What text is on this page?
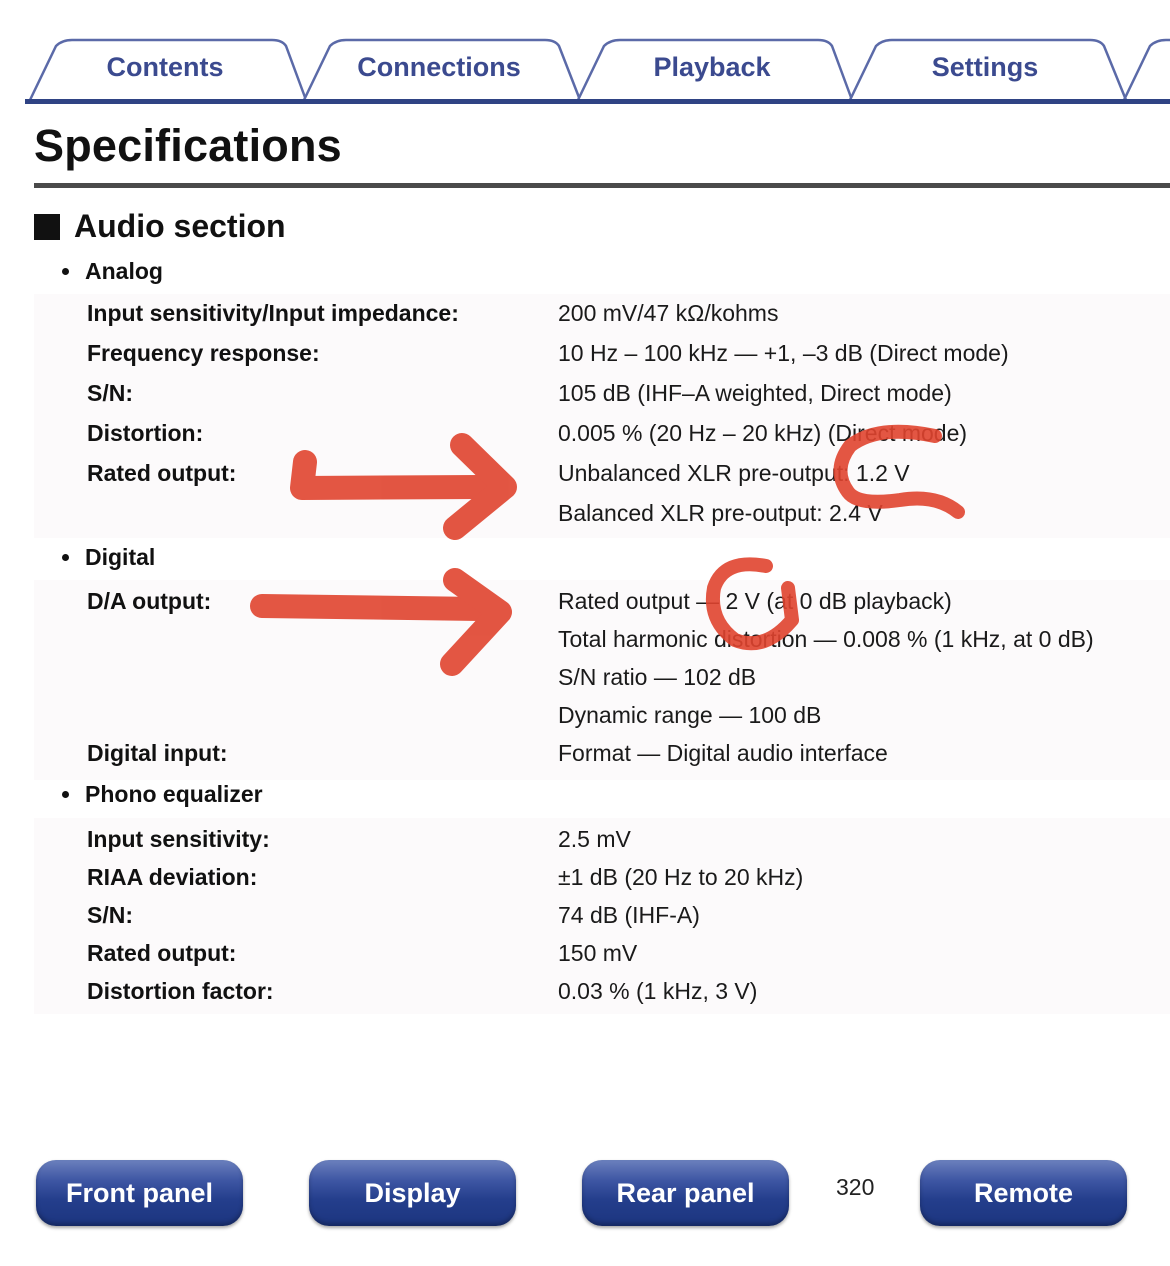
Contents	Connections	Playback	Settings
Specifications
Audio section
Analog
Input sensitivity/Input impedance:	200 mV/47 kΩ/kohms
Frequency response:	10 Hz – 100 kHz — +1, –3 dB (Direct mode)
S/N:	105 dB (IHF–A weighted, Direct mode)
Distortion:	0.005 % (20 Hz – 20 kHz) (Direct mode)
Rated output:	Unbalanced XLR pre-output: 1.2 V
Balanced XLR pre-output: 2.4 V
Digital
D/A output:	Rated output — 2 V (at 0 dB playback)
Total harmonic distortion — 0.008 % (1 kHz, at 0 dB)
S/N ratio — 102 dB
Dynamic range — 100 dB
Digital input:	Format — Digital audio interface
Phono equalizer
Input sensitivity:	2.5 mV
RIAA deviation:	±1 dB (20 Hz to 20 kHz)
S/N:	74 dB (IHF-A)
Rated output:	150 mV
Distortion factor:	0.03 % (1 kHz, 3 V)
Front panel	Display	Rear panel	320	Remote
